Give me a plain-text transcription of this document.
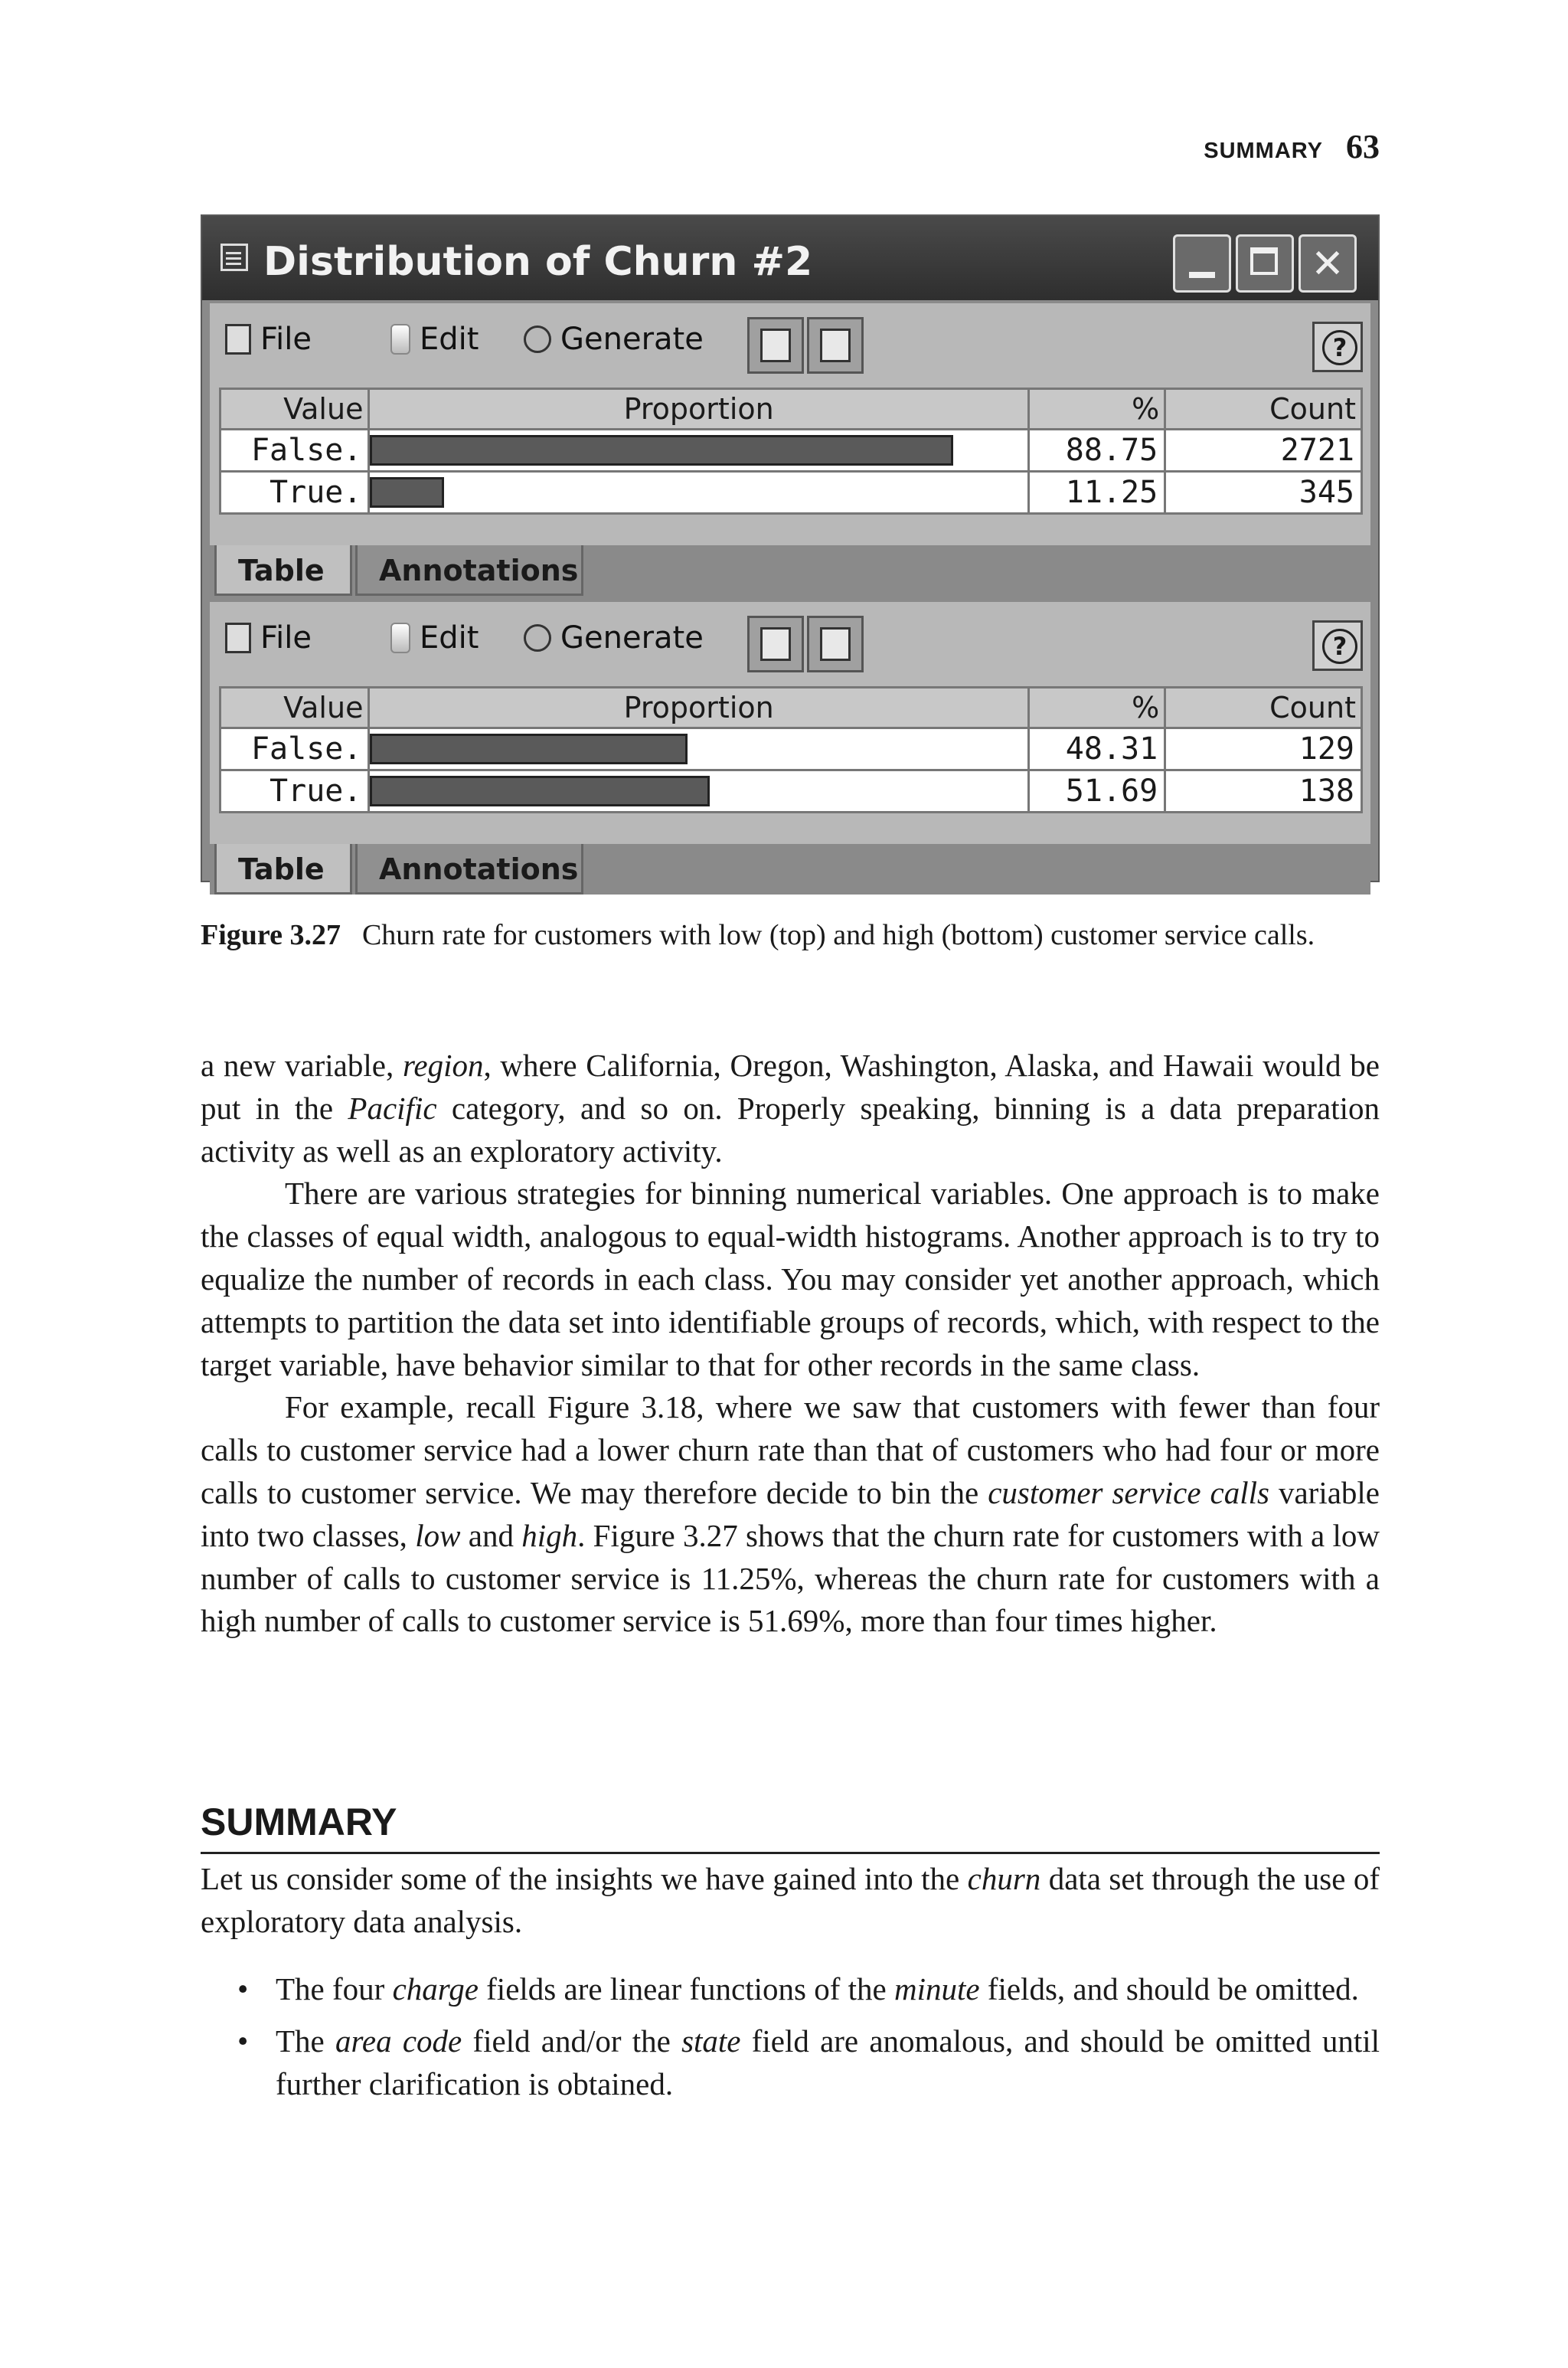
SUMMARY 63
Distribution of Churn #2
✕
File	Edit	Generate	?
Value	Proportion	%	Count
False.		88.75	2721
True.		11.25	345
Table	Annotations
File	Edit	Generate	?
Value	Proportion	%	Count
False.		48.31	129
True.		51.69	138
Table	Annotations
Figure 3.27 Churn rate for customers with low (top) and high (bottom) customer service calls.

a new variable, region, where California, Oregon, Washington, Alaska, and Hawaii would be put in the Pacific category, and so on. Properly speaking, binning is a data preparation activity as well as an exploratory activity.

There are various strategies for binning numerical variables. One approach is to make the classes of equal width, analogous to equal-width histograms. Another approach is to try to equalize the number of records in each class. You may consider yet another approach, which attempts to partition the data set into identifiable groups of records, which, with respect to the target variable, have behavior similar to that for other records in the same class.

For example, recall Figure 3.18, where we saw that customers with fewer than four calls to customer service had a lower churn rate than that of customers who had four or more calls to customer service. We may therefore decide to bin the customer service calls variable into two classes, low and high. Figure 3.27 shows that the churn rate for customers with a low number of calls to customer service is 11.25%, whereas the churn rate for customers with a high number of calls to customer service is 51.69%, more than four times higher.

SUMMARY

Let us consider some of the insights we have gained into the churn data set through the use of exploratory data analysis.

• The four charge fields are linear functions of the minute fields, and should be omitted.
• The area code field and/or the state field are anomalous, and should be omitted until further clarification is obtained.
